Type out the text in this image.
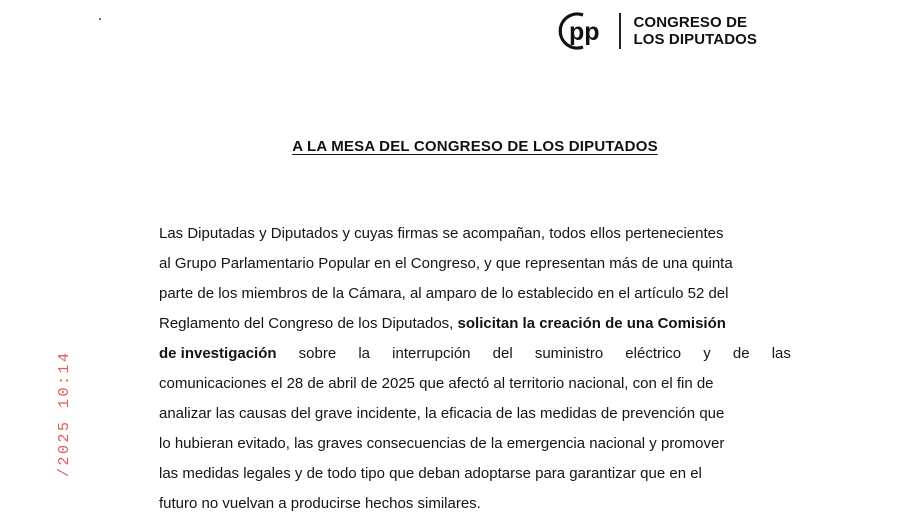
pp CONGRESO DE
LOS DIPUTADOS
A LA MESA DEL CONGRESO DE LOS DIPUTADOS
Las Diputadas y Diputados y cuyas firmas se acompañan, todos ellos pertenecientes
al Grupo Parlamentario Popular en el Congreso, y que representan más de una quinta
parte de los miembros de la Cámara, al amparo de lo establecido en el artículo 52 del
Reglamento del Congreso de los Diputados, solicitan la creación de una Comisión
de investigación sobre la interrupción del suministro eléctrico y de las
comunicaciones el 28 de abril de 2025 que afectó al territorio nacional, con el fin de
analizar las causas del grave incidente, la eficacia de las medidas de prevención que
lo hubieran evitado, las graves consecuencias de la emergencia nacional y promover
las medidas legales y de todo tipo que deban adoptarse para garantizar que en el
futuro no vuelvan a producirse hechos similares.
/2025 10:14
